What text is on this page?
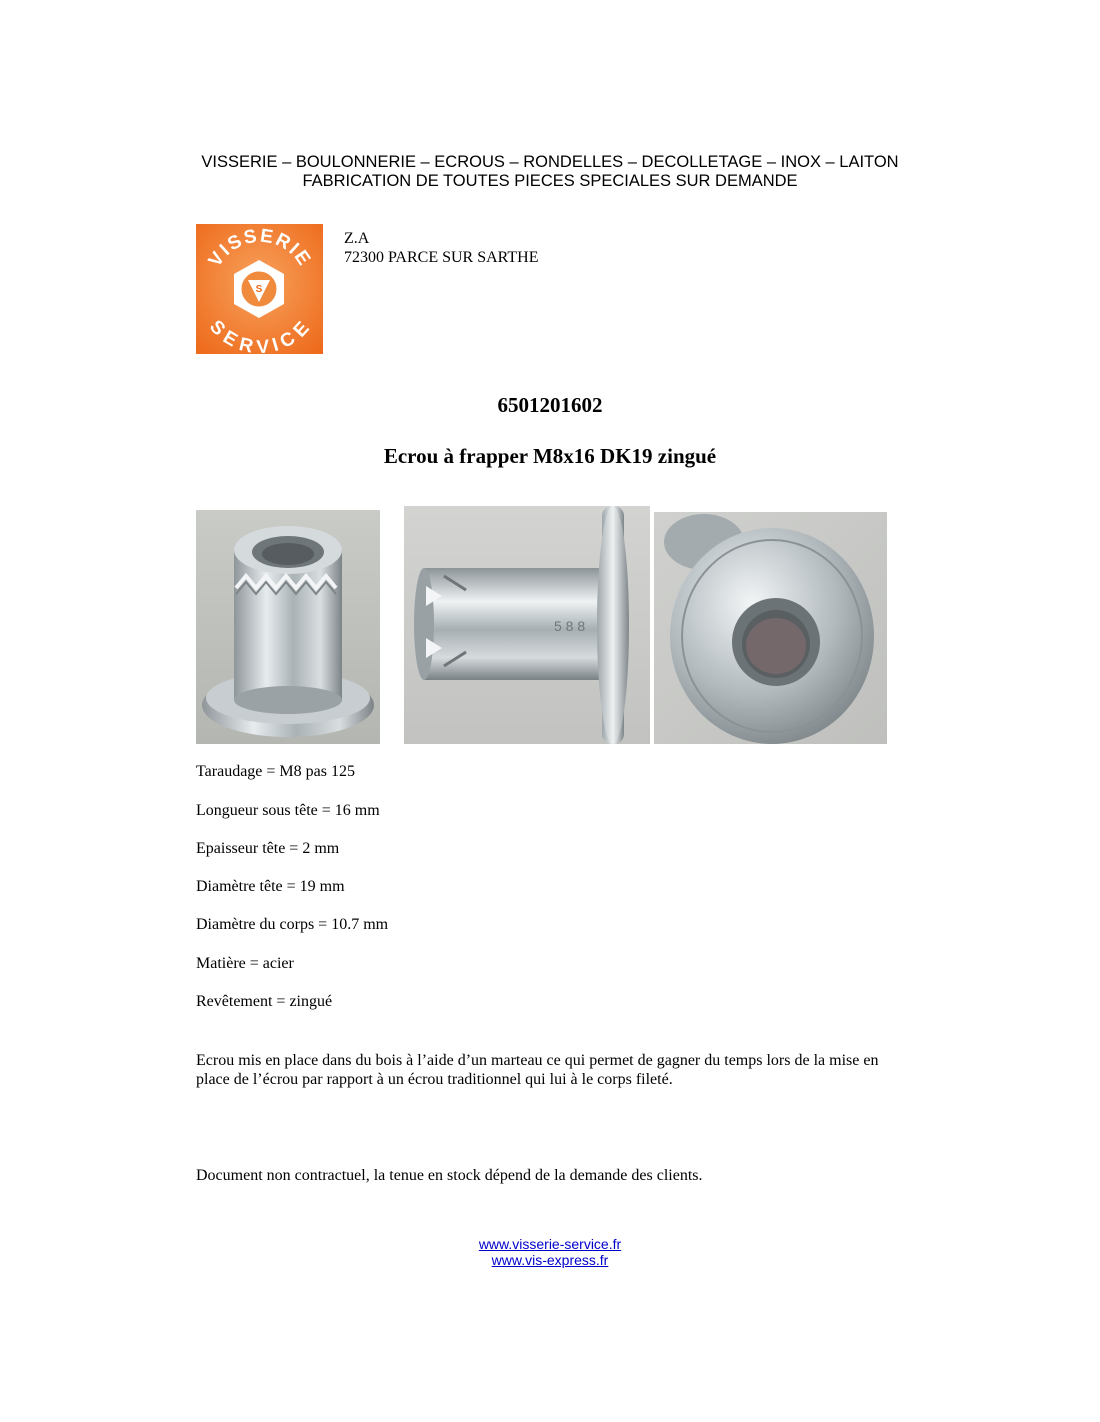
VISSERIE – BOULONNERIE – ECROUS – RONDELLES – DECOLLETAGE – INOX – LAITON
FABRICATION DE TOUTES PIECES SPECIALES SUR DEMANDE
S
VISSERIE
SERVICE
Z.A
72300 PARCE SUR SARTHE
6501201602
Ecrou à frapper M8x16 DK19 zingué
5 8 8
Taraudage = M8 pas 125
Longueur sous tête = 16 mm
Epaisseur tête = 2 mm
Diamètre tête = 19 mm
Diamètre du corps = 10.7 mm
Matière = acier
Revêtement = zingué
Ecrou mis en place dans du bois à l’aide d’un marteau ce qui permet de gagner du temps lors de la mise en place de l’écrou par rapport à un écrou traditionnel qui lui à le corps fileté.
Document non contractuel, la tenue en stock dépend de la demande des clients.
www.visserie-service.fr
www.vis-express.fr
